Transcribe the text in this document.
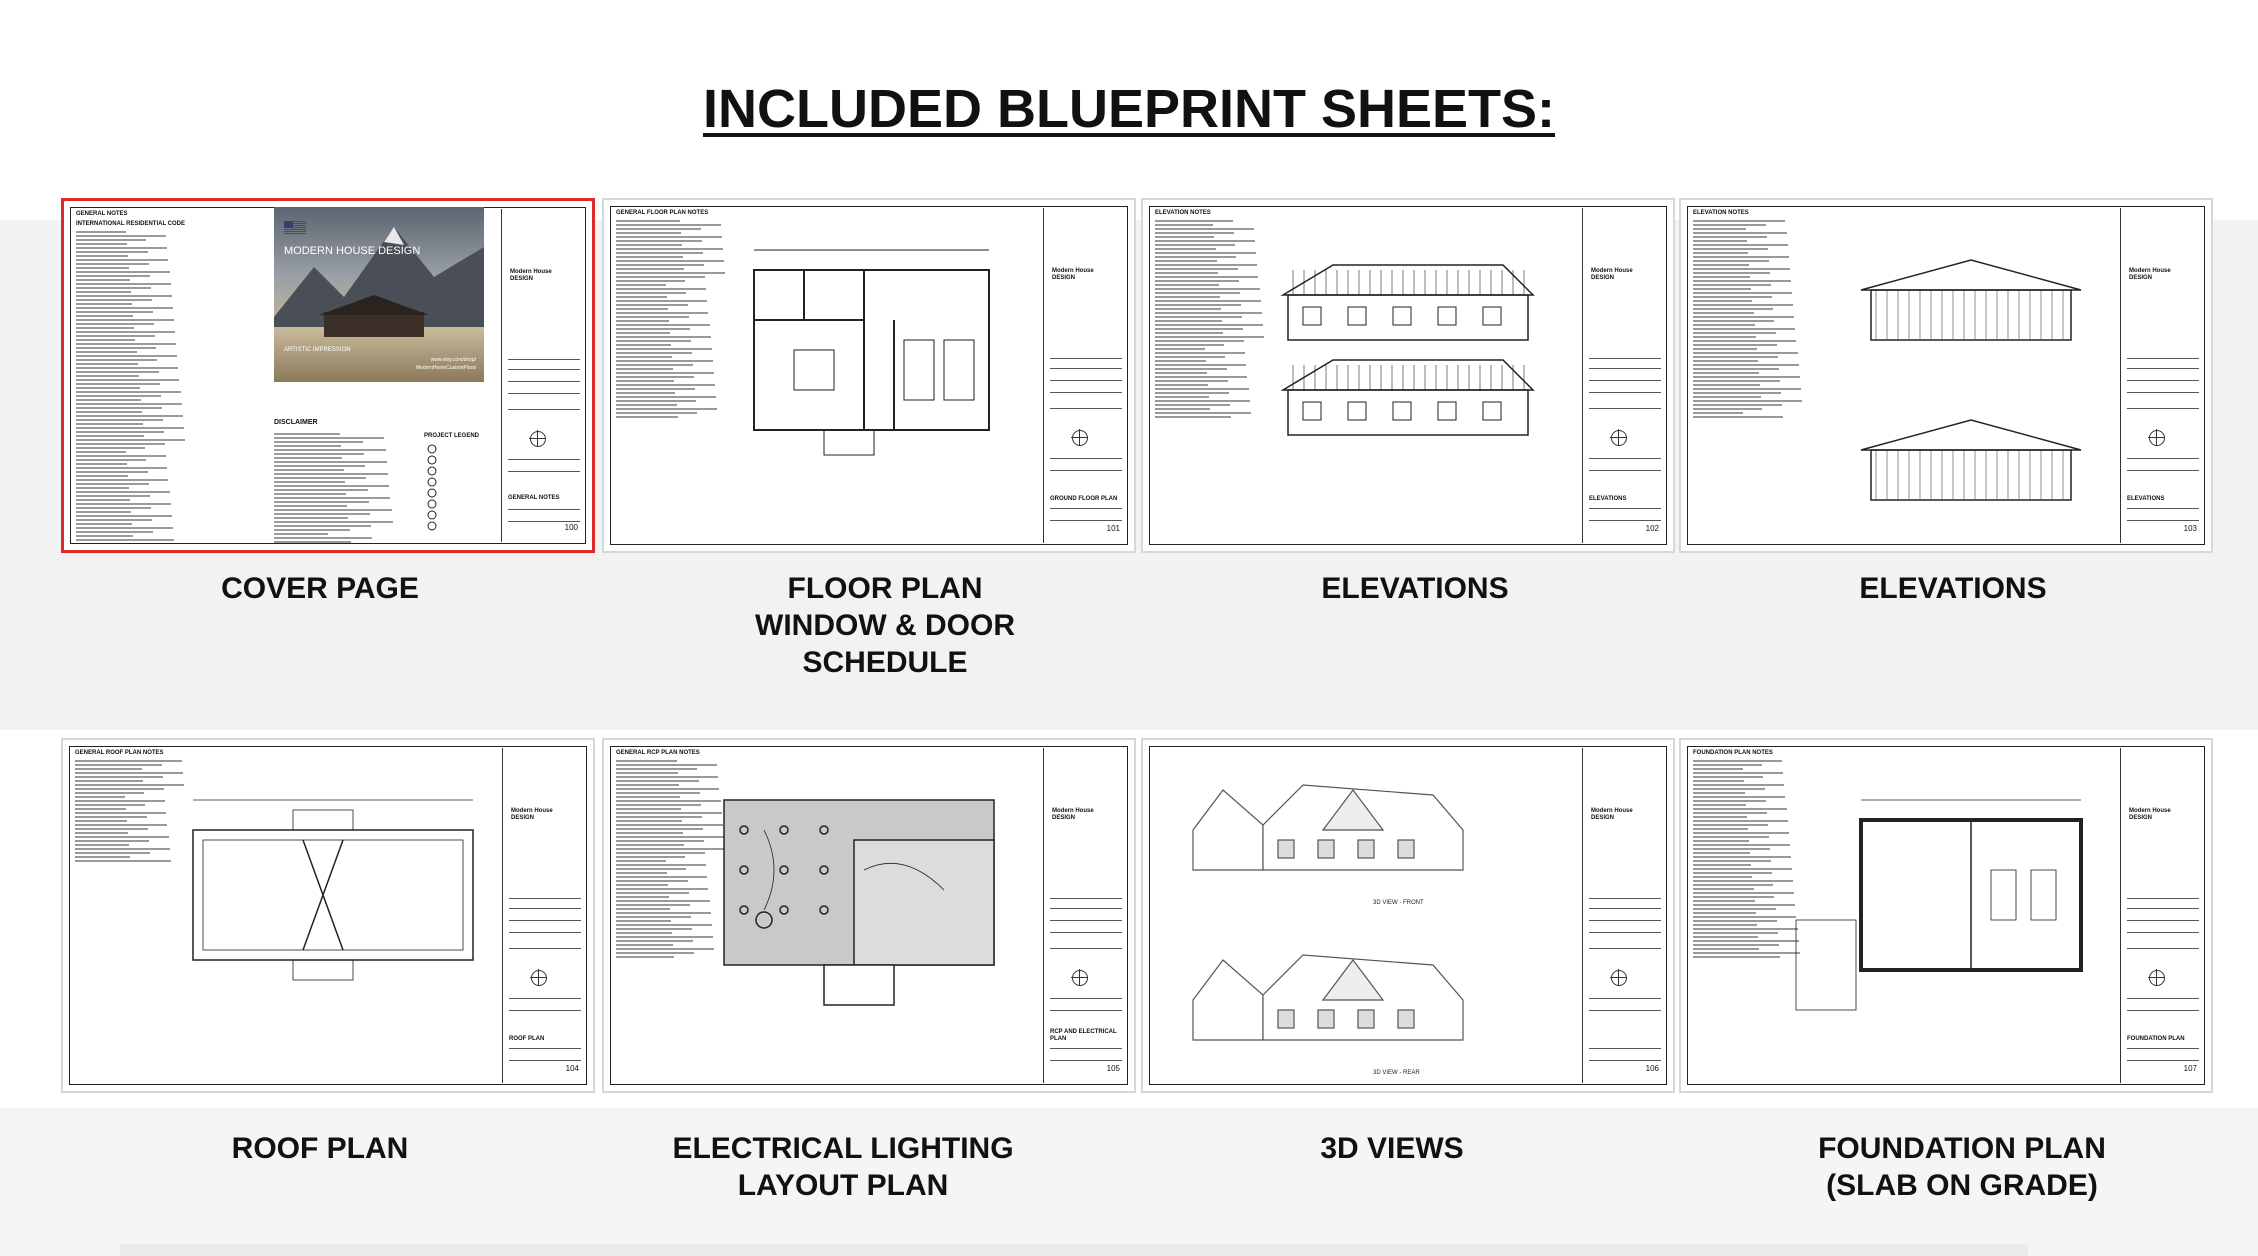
INCLUDED BLUEPRINT SHEETS:
GENERAL NOTES
INTERNATIONAL RESIDENTIAL CODE
Modern House DESIGN
GENERAL NOTES
100
MODERN HOUSE DESIGN
ARTISTIC IMPRESSION
www.etsy.com/shop/
ModernHomeCustomPlans
DISCLAIMER
PROJECT LEGEND
GENERAL FLOOR PLAN NOTES
Modern House DESIGN
GROUND FLOOR PLAN
101
ELEVATION NOTES
Modern House DESIGN
ELEVATIONS
102
ELEVATION NOTES
Modern House DESIGN
ELEVATIONS
103
GENERAL ROOF PLAN NOTES
Modern House DESIGN
ROOF PLAN
104
GENERAL RCP PLAN NOTES
Modern House DESIGN
RCP AND ELECTRICAL PLAN
105
Modern House DESIGN
106
3D VIEW - FRONT
3D VIEW - REAR
FOUNDATION PLAN NOTES
Modern House DESIGN
FOUNDATION PLAN
107
COVER PAGE	FLOOR PLAN
WINDOW & DOOR
SCHEDULE
ELEVATIONS	ELEVATIONS
ROOF PLAN	ELECTRICAL LIGHTING
LAYOUT PLAN
3D VIEWS	FOUNDATION PLAN
(SLAB ON GRADE)
